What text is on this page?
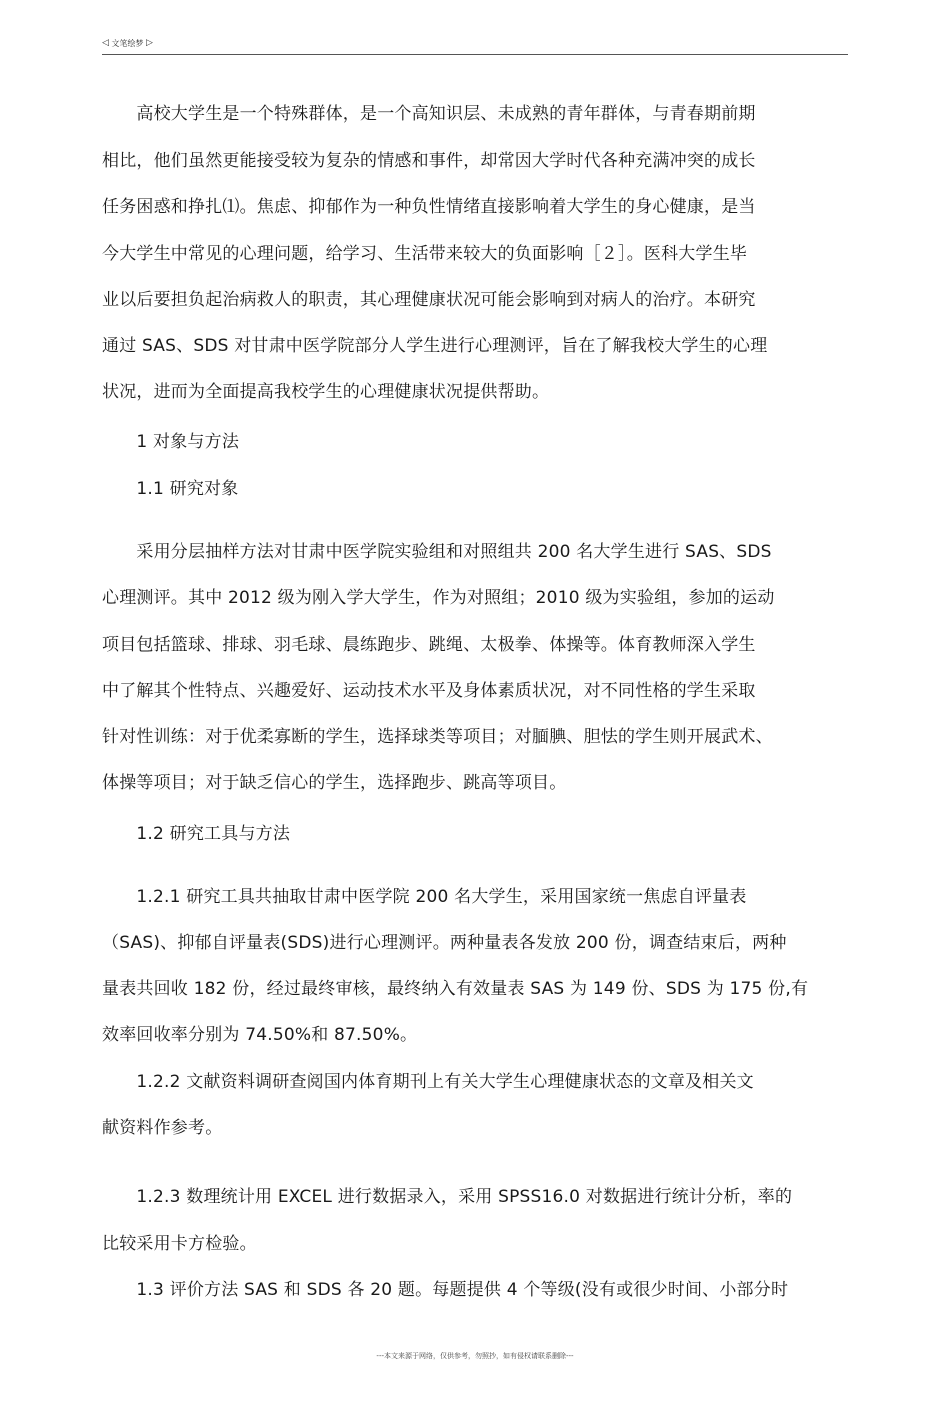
◁ 文笔绘梦 ▷
　　高校大学生是一个特殊群体，是一个高知识层、未成熟的青年群体，与青春期前期
相比，他们虽然更能接受较为复杂的情感和事件，却常因大学时代各种充满冲突的成长
任务困惑和挣扎⑴。焦虑、抑郁作为一种负性情绪直接影响着大学生的身心健康，是当
今大学生中常见的心理问题，给学习、生活带来较大的负面影响［２］。医科大学生毕
业以后要担负起治病救人的职责，其心理健康状况可能会影响到对病人的治疗。本研究
通过 SAS、SDS 对甘肃中医学院部分人学生进行心理测评，旨在了解我校大学生的心理
状况，进而为全面提高我校学生的心理健康状况提供帮助。
　　1 对象与方法
　　1.1 研究对象
　　采用分层抽样方法对甘肃中医学院实验组和对照组共 200 名大学生进行 SAS、SDS
心理测评。其中 2012 级为刚入学大学生，作为对照组；2010 级为实验组，参加的运动
项目包括篮球、排球、羽毛球、晨练跑步、跳绳、太极拳、体操等。体育教师深入学生
中了解其个性特点、兴趣爱好、运动技术水平及身体素质状况，对不同性格的学生采取
针对性训练：对于优柔寡断的学生，选择球类等项目；对腼腆、胆怯的学生则开展武术、
体操等项目；对于缺乏信心的学生，选择跑步、跳高等项目。
　　1.2 研究工具与方法
　　1.2.1 研究工具共抽取甘肃中医学院 200 名大学生，采用国家统一焦虑自评量表
（SAS)、抑郁自评量表(SDS)进行心理测评。两种量表各发放 200 份，调查结束后，两种
量表共回收 182 份，经过最终审核，最终纳入有效量表 SAS 为 149 份、SDS 为 175 份,有
效率回收率分别为 74.50%和 87.50%。
　　1.2.2 文献资料调研查阅国内体育期刊上有关大学生心理健康状态的文章及相关文
献资料作参考。
　　1.2.3 数理统计用 EXCEL 进行数据录入，采用 SPSS16.0 对数据进行统计分析，率的
比较采用卡方检验。
　　1.3 评价方法 SAS 和 SDS 各 20 题。每题提供 4 个等级(没有或很少时间、小部分时
---本文来源于网络，仅供参考，勿照抄，如有侵权请联系删除---
